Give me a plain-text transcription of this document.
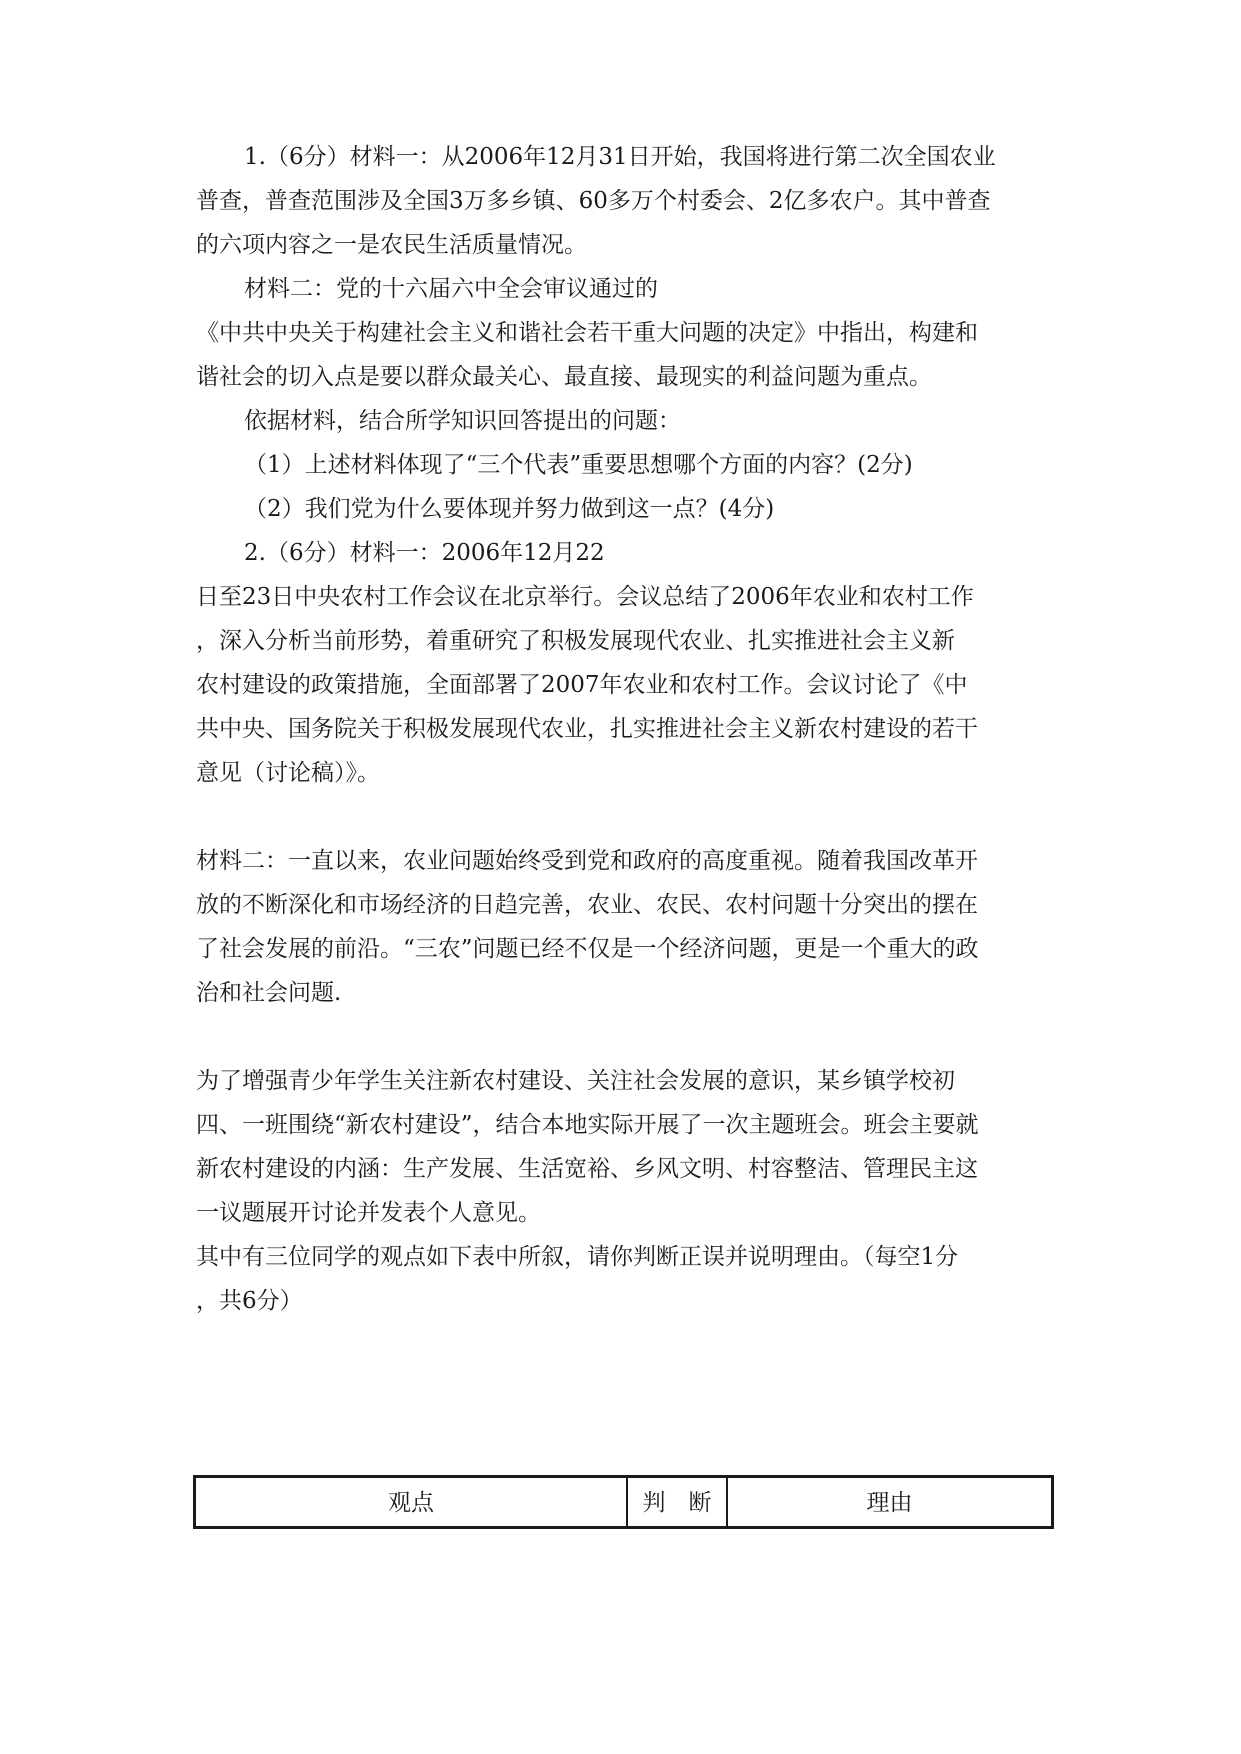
1.（6分）材料一：从2006年12月31日开始，我国将进行第二次全国农业
普查，普查范围涉及全国3万多乡镇、60多万个村委会、2亿多农户。其中普查
的六项内容之一是农民生活质量情况。
材料二：党的十六届六中全会审议通过的
《中共中央关于构建社会主义和谐社会若干重大问题的决定》中指出，构建和
谐社会的切入点是要以群众最关心、最直接、最现实的利益问题为重点。
依据材料，结合所学知识回答提出的问题：
（1）上述材料体现了“三个代表”重要思想哪个方面的内容？(2分)
（2）我们党为什么要体现并努力做到这一点？(4分)
2.（6分）材料一：2006年12月22
日至23日中央农村工作会议在北京举行。会议总结了2006年农业和农村工作
，深入分析当前形势，着重研究了积极发展现代农业、扎实推进社会主义新
农村建设的政策措施，全面部署了2007年农业和农村工作。会议讨论了《中
共中央、国务院关于积极发展现代农业，扎实推进社会主义新农村建设的若干
意见（讨论稿）》。
材料二：一直以来，农业问题始终受到党和政府的高度重视。随着我国改革开
放的不断深化和市场经济的日趋完善，农业、农民、农村问题十分突出的摆在
了社会发展的前沿。“三农”问题已经不仅是一个经济问题，更是一个重大的政
治和社会问题.
为了增强青少年学生关注新农村建设、关注社会发展的意识，某乡镇学校初
四、一班围绕“新农村建设”，结合本地实际开展了一次主题班会。班会主要就
新农村建设的内涵：生产发展、生活宽裕、乡风文明、村容整洁、管理民主这
一议题展开讨论并发表个人意见。
其中有三位同学的观点如下表中所叙，请你判断正误并说明理由。（每空1分
，共6分）
观点	判　断	理由
